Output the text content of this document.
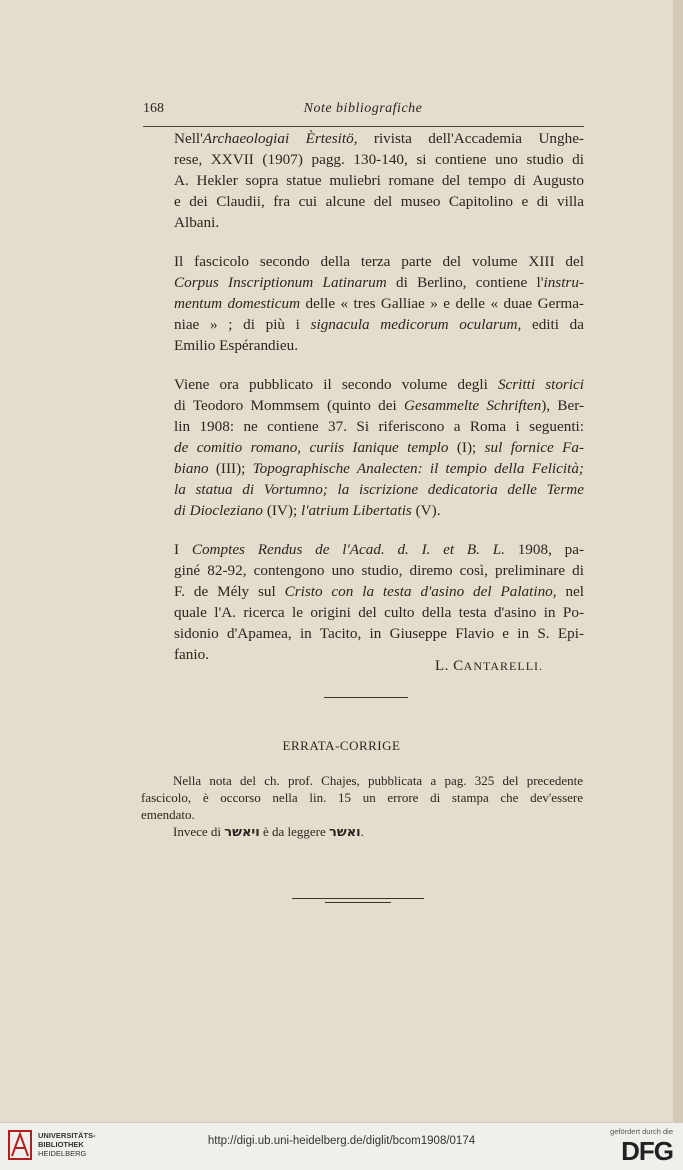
168	Note bibliografiche
Nell'Archaeologiai Èrtesitö, rivista dell'Accademia Unghe-
rese, XXVII (1907) pagg. 130-140, si contiene uno studio di
A. Hekler sopra statue muliebri romane del tempo di Augusto
e dei Claudii, fra cui alcune del museo Capitolino e di villa
Albani.
Il fascicolo secondo della terza parte del volume XIII del
Corpus Inscriptionum Latinarum di Berlino, contiene l'instru-
mentum domesticum delle « tres Galliae » e delle « duae Germa-
niae » ; di più i signacula medicorum ocularum, editi da
Emilio Espérandieu.
Viene ora pubblicato il secondo volume degli Scritti storici
di Teodoro Mommsem (quinto dei Gesammelte Schriften), Ber-
lin 1908: ne contiene 37. Si riferiscono a Roma i seguenti:
de comitio romano, curiis Ianique templo (I); sul fornice Fa-
biano (III); Topographische Analecten: il tempio della Felicità;
la statua di Vortumno; la iscrizione dedicatoria delle Terme
di Diocleziano (IV); l'atrium Libertatis (V).
I Comptes Rendus de l'Acad. d. I. et B. L. 1908, pa-
giné 82-92, contengono uno studio, diremo così, preliminare di
F. de Mély sul Cristo con la testa d'asino del Palatino, nel
quale l'A. ricerca le origini del culto della testa d'asino in Po-
sidonio d'Apamea, in Tacito, in Giuseppe Flavio e in S. Epi-
fanio.
L. CANTARELLI.
ERRATA-CORRIGE
Nella nota del ch. prof. Chajes, pubblicata a pag. 325 del precedente
fascicolo, è occorso nella lin. 15 un errore di stampa che dev'essere
emendato.
Invece di ויאשר è da leggere ואשר.
UNIVERSITÄTS-
BIBLIOTHEK
HEIDELBERG
http://digi.ub.uni-heidelberg.de/diglit/bcom1908/0174
gefördert durch die
DFG
